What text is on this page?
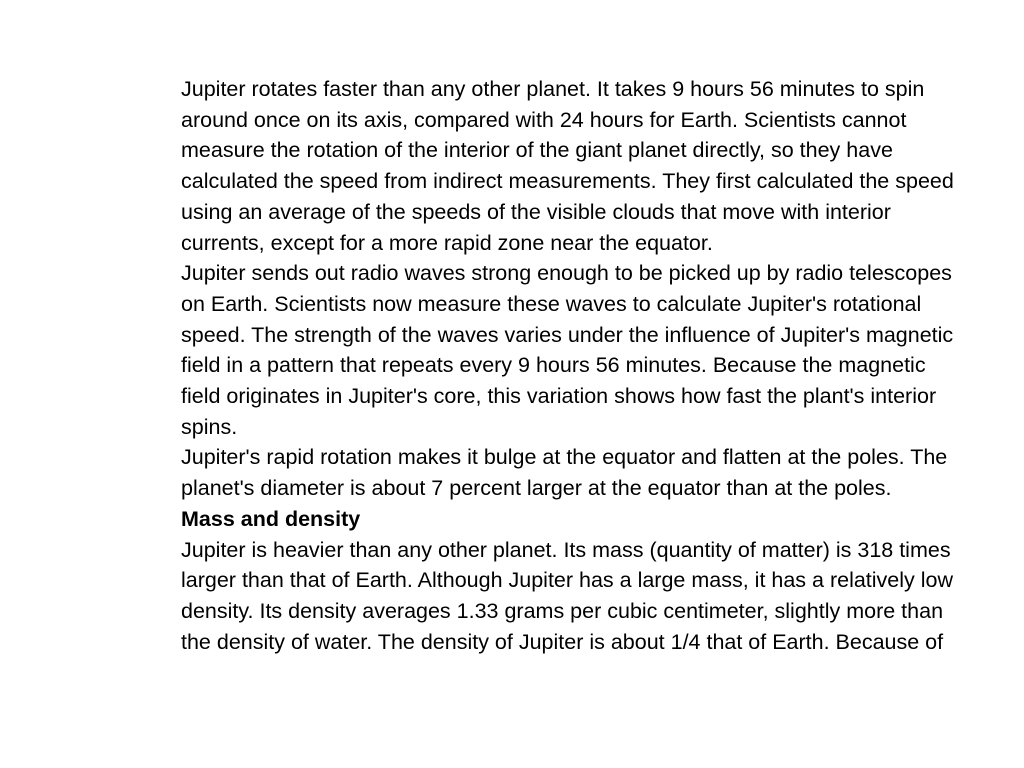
Jupiter rotates faster than any other planet. It takes 9 hours 56 minutes to spin around once on its axis, compared with 24 hours for Earth. Scientists cannot measure the rotation of the interior of the giant planet directly, so they have calculated the speed from indirect measurements. They first calculated the speed using an average of the speeds of the visible clouds that move with interior currents, except for a more rapid zone near the equator.

Jupiter sends out radio waves strong enough to be picked up by radio telescopes on Earth. Scientists now measure these waves to calculate Jupiter's rotational speed. The strength of the waves varies under the influence of Jupiter's magnetic field in a pattern that repeats every 9 hours 56 minutes. Because the magnetic field originates in Jupiter's core, this variation shows how fast the plant's interior spins.

Jupiter's rapid rotation makes it bulge at the equator and flatten at the poles. The planet's diameter is about 7 percent larger at the equator than at the poles.

Mass and density

Jupiter is heavier than any other planet. Its mass (quantity of matter) is 318 times larger than that of Earth. Although Jupiter has a large mass, it has a relatively low density. Its density averages 1.33 grams per cubic centimeter, slightly more than the density of water. The density of Jupiter is about 1/4 that of Earth. Because of
